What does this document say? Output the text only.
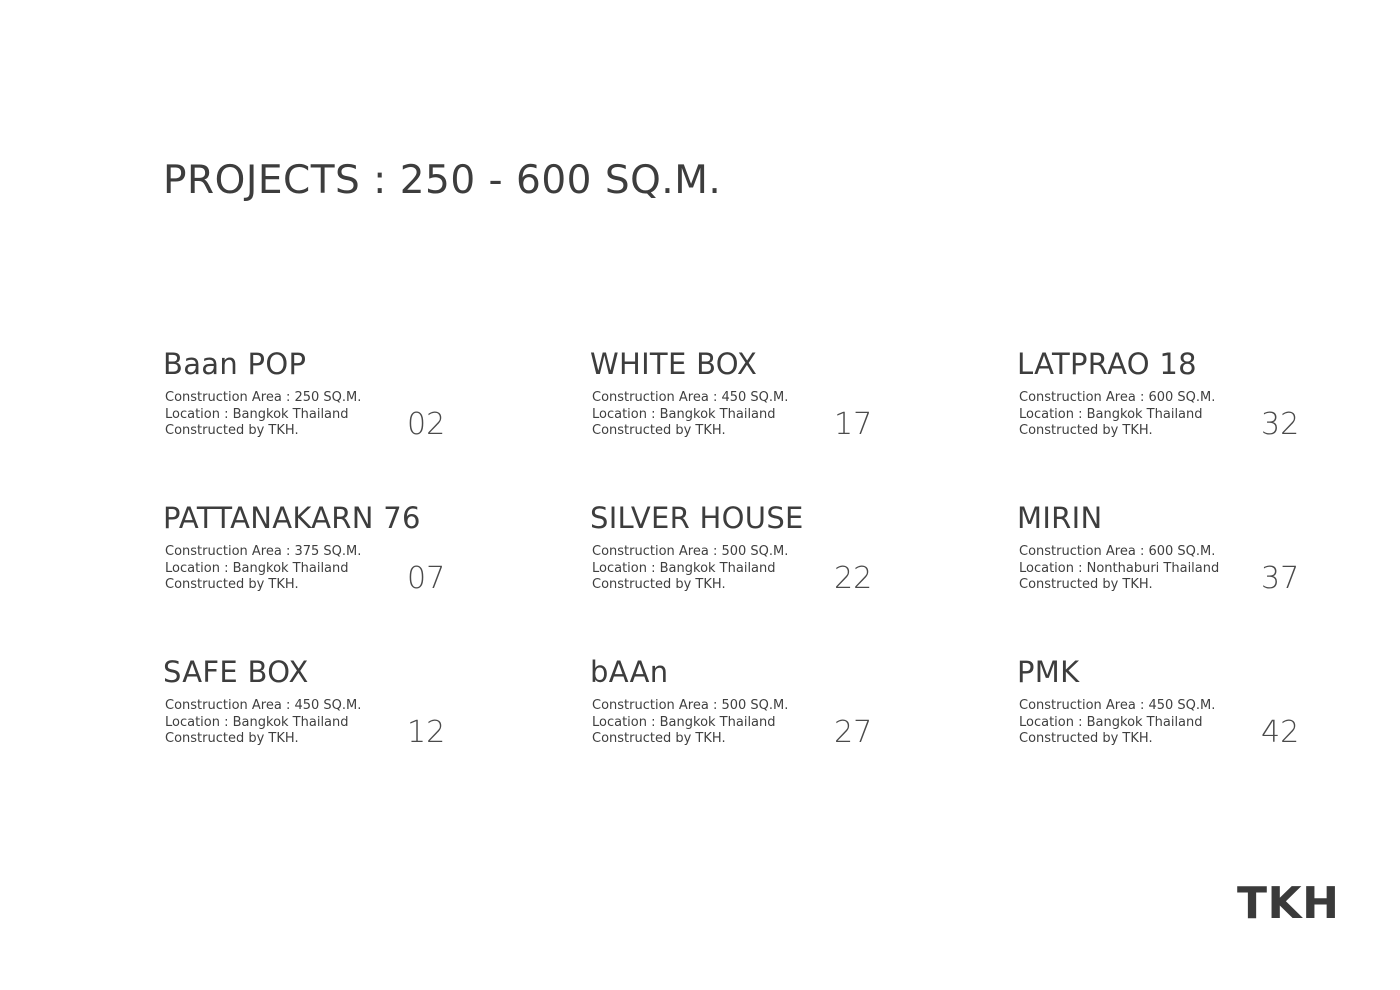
PROJECTS : 250 - 600 SQ.M.
Baan POP
Construction Area : 250 SQ.M.
Location : Bangkok Thailand
Constructed by TKH.	02
WHITE BOX
Construction Area : 450 SQ.M.
Location : Bangkok Thailand
Constructed by TKH.	17
LATPRAO 18
Construction Area : 600 SQ.M.
Location : Bangkok Thailand
Constructed by TKH.	32
PATTANAKARN 76
Construction Area : 375 SQ.M.
Location : Bangkok Thailand
Constructed by TKH.	07
SILVER HOUSE
Construction Area : 500 SQ.M.
Location : Bangkok Thailand
Constructed by TKH.	22
MIRIN
Construction Area : 600 SQ.M.
Location : Nonthaburi Thailand
Constructed by TKH.	37
SAFE BOX
Construction Area : 450 SQ.M.
Location : Bangkok Thailand
Constructed by TKH.	12
bAAn
Construction Area : 500 SQ.M.
Location : Bangkok Thailand
Constructed by TKH.	27
PMK
Construction Area : 450 SQ.M.
Location : Bangkok Thailand
Constructed by TKH.	42
TKH
